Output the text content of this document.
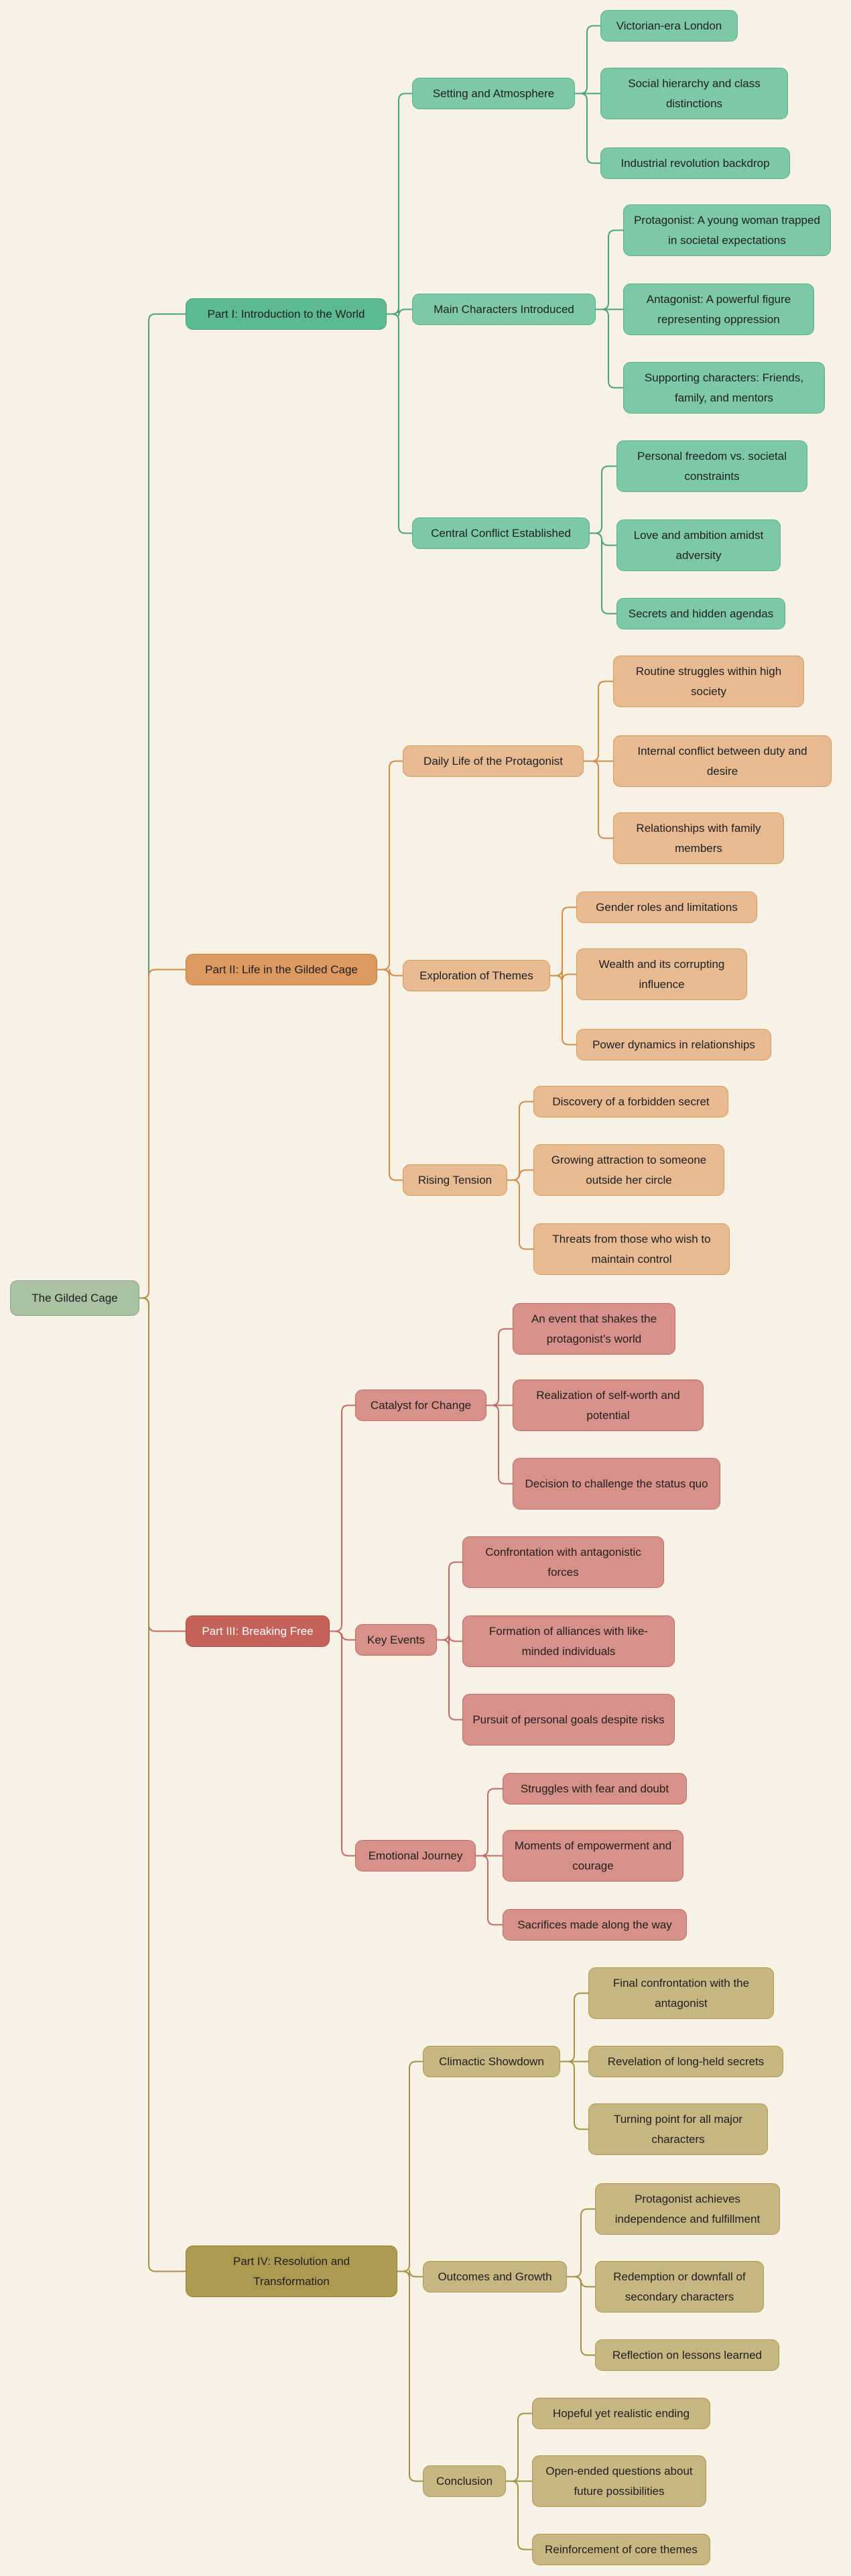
The Gilded Cage
Part I: Introduction to the World
Setting and Atmosphere
Victorian-era London
Social hierarchy and class distinctions
Industrial revolution backdrop
Main Characters Introduced
Protagonist: A young woman trapped in societal expectations
Antagonist: A powerful figure representing oppression
Supporting characters: Friends, family, and mentors
Central Conflict Established
Personal freedom vs. societal constraints
Love and ambition amidst adversity
Secrets and hidden agendas
Part II: Life in the Gilded Cage
Daily Life of the Protagonist
Routine struggles within high society
Internal conflict between duty and desire
Relationships with family members
Exploration of Themes
Gender roles and limitations
Wealth and its corrupting influence
Power dynamics in relationships
Rising Tension
Discovery of a forbidden secret
Growing attraction to someone outside her circle
Threats from those who wish to maintain control
Part III: Breaking Free
Catalyst for Change
An event that shakes the protagonist’s world
Realization of self-worth and potential
Decision to challenge the status quo
Key Events
Confrontation with antagonistic forces
Formation of alliances with like-minded individuals
Pursuit of personal goals despite risks
Emotional Journey
Struggles with fear and doubt
Moments of empowerment and courage
Sacrifices made along the way
Part IV: Resolution and Transformation
Climactic Showdown
Final confrontation with the antagonist
Revelation of long-held secrets
Turning point for all major characters
Outcomes and Growth
Protagonist achieves independence and fulfillment
Redemption or downfall of secondary characters
Reflection on lessons learned
Conclusion
Hopeful yet realistic ending
Open-ended questions about future possibilities
Reinforcement of core themes
